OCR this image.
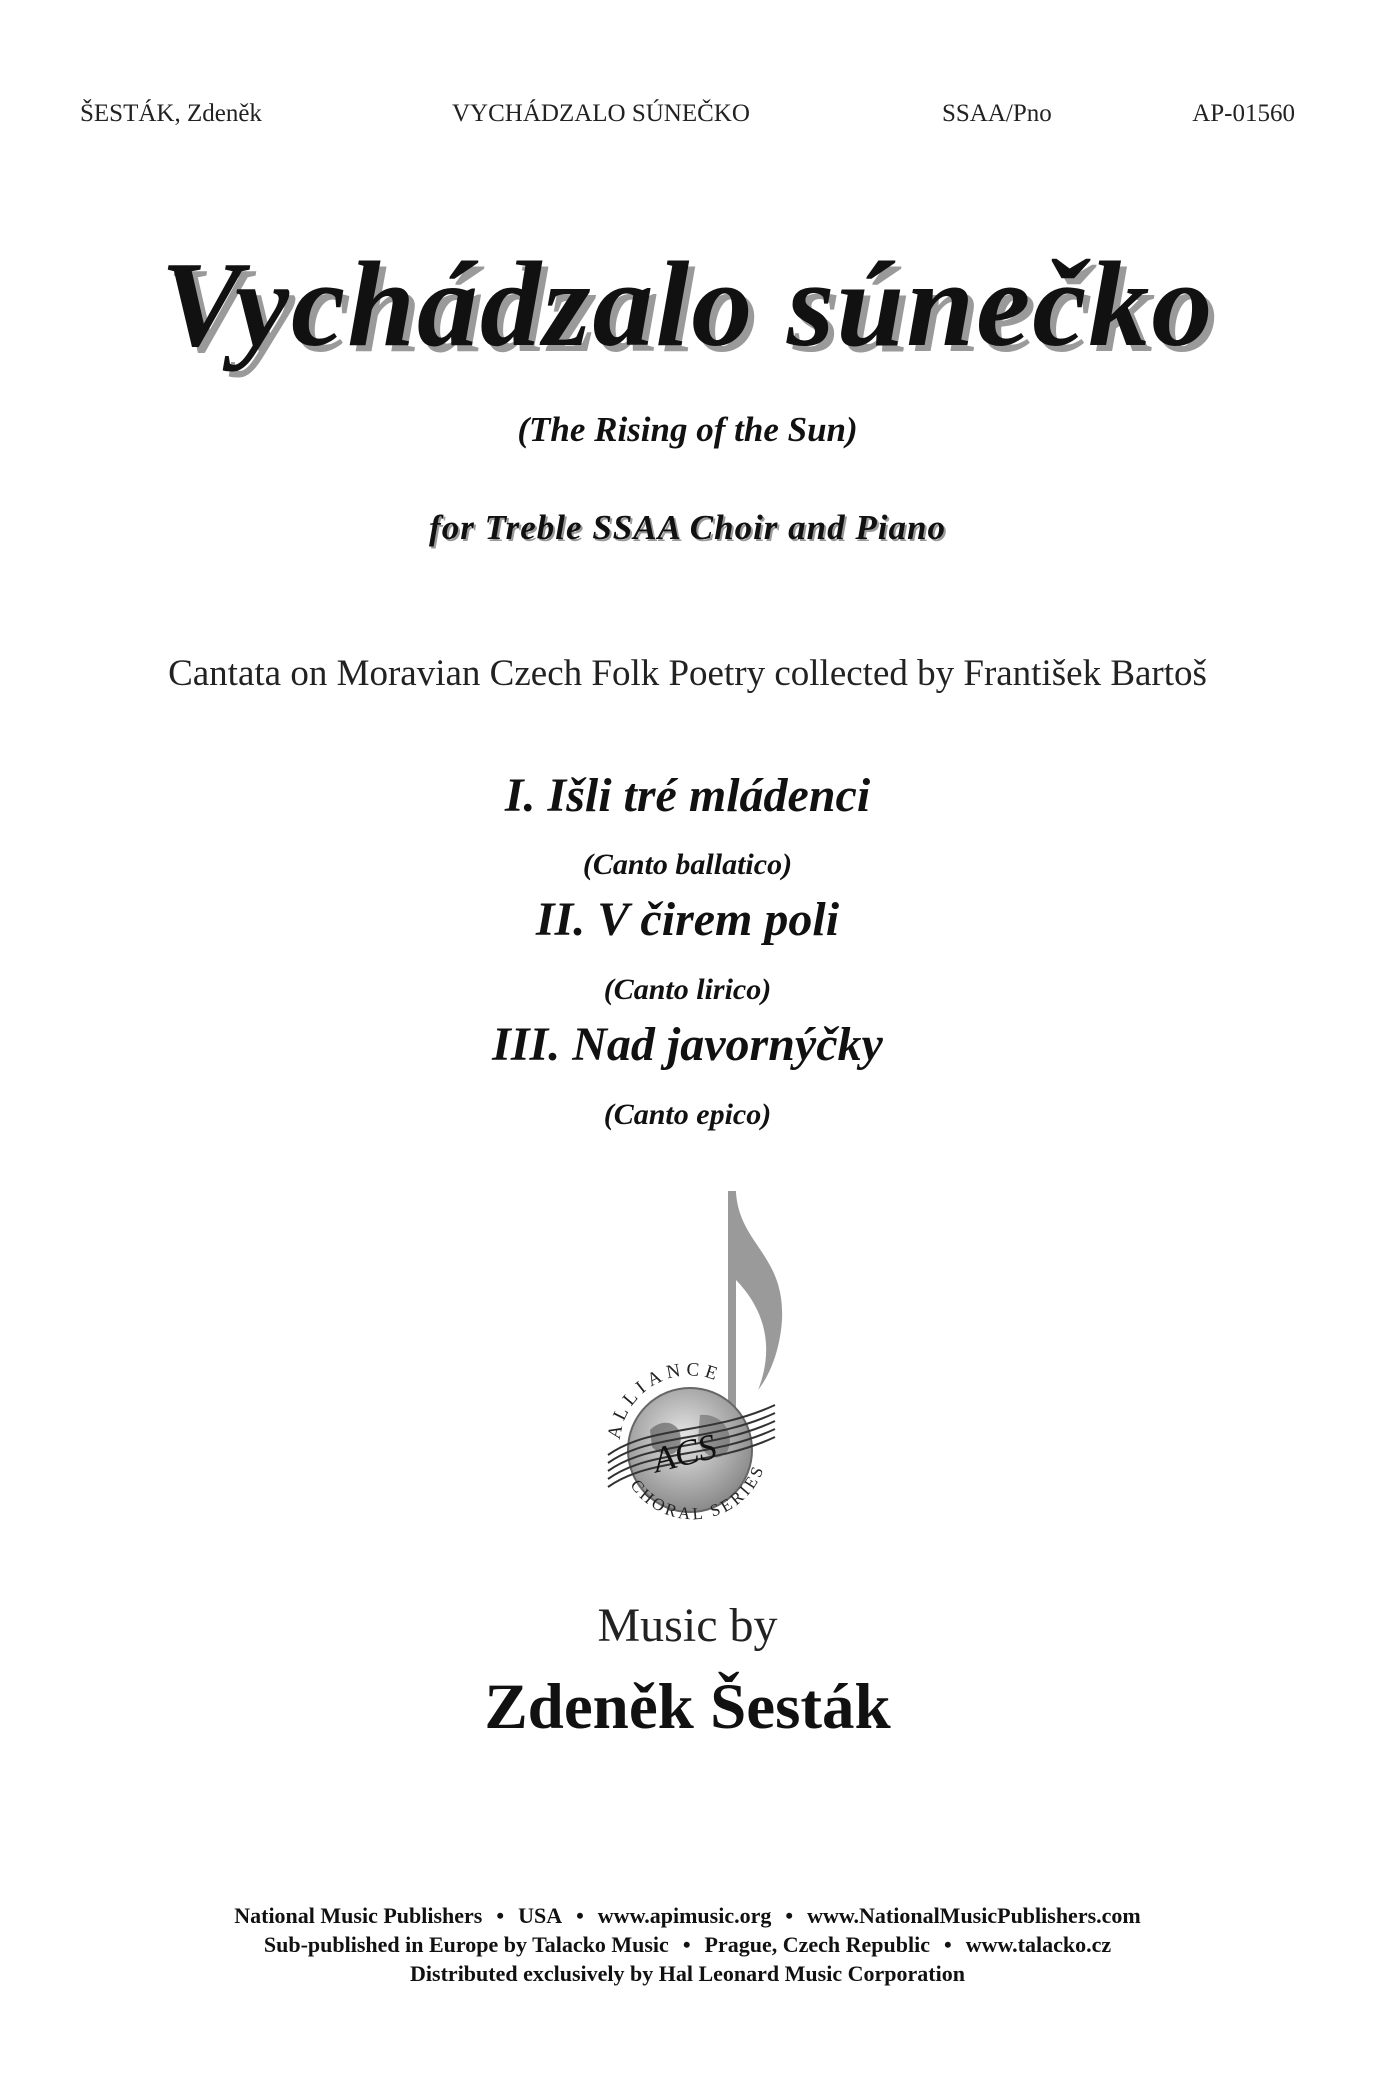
ŠESTÁK, Zdeněk	VYCHÁDZALO SÚNEČKO	SSAA/Pno	AP-01560
Vychádzalo súnečko
(The Rising of the Sun)
for Treble SSAA Choir and Piano
Cantata on Moravian Czech Folk Poetry collected by František Bartoš
I. Išli tré mládenci
(Canto ballatico)
II. V čirem poli
(Canto lirico)
III. Nad javornýčky
(Canto epico)
ACS
ALLIANCE
CHORAL SERIES
Music by
Zdeněk Šesták
National Music Publishers • USA • www.apimusic.org • www.NationalMusicPublishers.com
Sub-published in Europe by Talacko Music • Prague, Czech Republic • www.talacko.cz
Distributed exclusively by Hal Leonard Music Corporation
